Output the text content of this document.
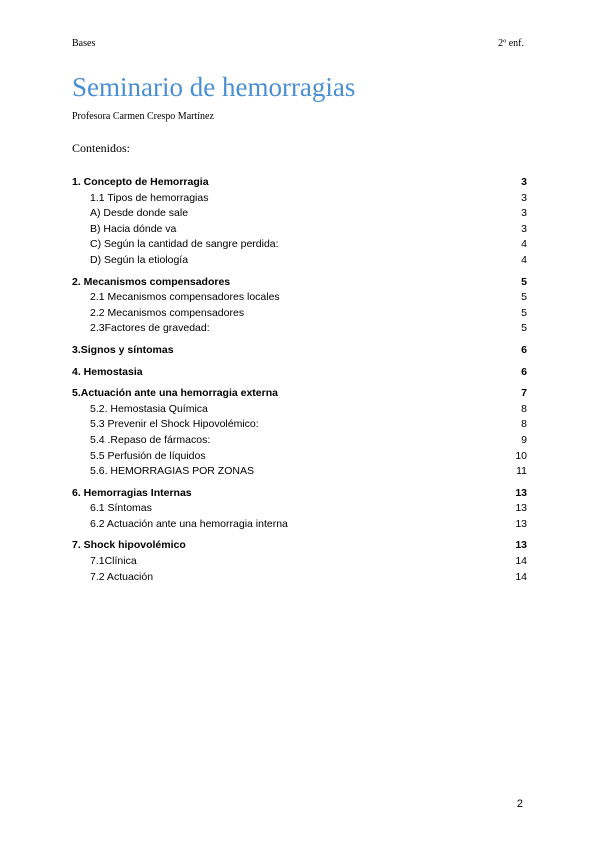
Bases	2º enf.
Seminario de hemorragias
Profesora Carmen Crespo Martínez
Contenidos:
1. Concepto de Hemorragia	3
1.1 Tipos de hemorragias	3
A) Desde donde sale	3
B) Hacia dónde va	3
C) Según la cantidad de sangre perdida:	4
D) Según la etiología	4
2. Mecanismos compensadores	5
2.1 Mecanismos compensadores locales	5
2.2 Mecanismos compensadores	5
2.3Factores de gravedad:	5
3.Signos y síntomas	6
4. Hemostasia	6
5.Actuación ante una hemorragia externa	7
5.2. Hemostasia Química	8
5.3 Prevenir el Shock Hipovolémico:	8
5.4 .Repaso de fármacos:	9
5.5 Perfusión de líquidos	10
5.6. HEMORRAGIAS POR ZONAS	11
6. Hemorragias Internas	13
6.1 Síntomas	13
6.2 Actuación ante una hemorragia interna	13
7. Shock hipovolémico	13
7.1Clínica	14
7.2 Actuación	14
2
